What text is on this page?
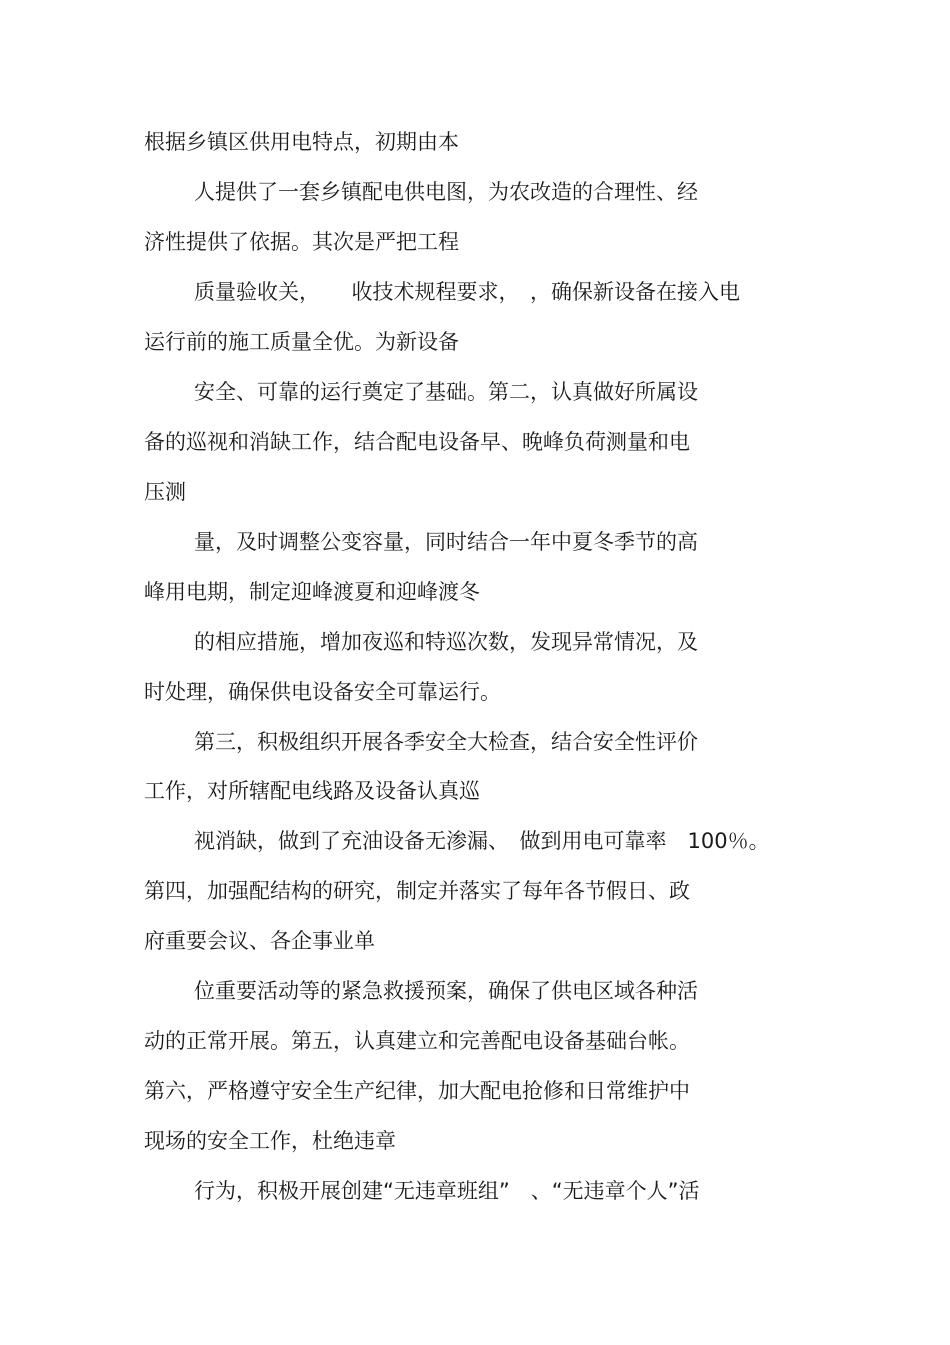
根据乡镇区供用电特点，初期由本
人提供了一套乡镇配电供电图，为农改造的合理性、经
济性提供了依据。其次是严把工程
质量验收关，　　收技术规程要求，　，确保新设备在接入电
运行前的施工质量全优。为新设备
安全、可靠的运行奠定了基础。第二，认真做好所属设
备的巡视和消缺工作，结合配电设备早、晚峰负荷测量和电
压测
量，及时调整公变容量，同时结合一年中夏冬季节的高
峰用电期，制定迎峰渡夏和迎峰渡冬
的相应措施，增加夜巡和特巡次数，发现异常情况，及
时处理，确保供电设备安全可靠运行。
第三，积极组织开展各季安全大检查，结合安全性评价
工作，对所辖配电线路及设备认真巡
视消缺，做到了充油设备无渗漏、　做到用电可靠率　100％。
第四，加强配结构的研究，制定并落实了每年各节假日、政
府重要会议、各企事业单
位重要活动等的紧急救援预案，确保了供电区域各种活
动的正常开展。第五，认真建立和完善配电设备基础台帐。
第六，严格遵守安全生产纪律，加大配电抢修和日常维护中
现场的安全工作，杜绝违章
行为，积极开展创建“无违章班组”　、“无违章个人”活
